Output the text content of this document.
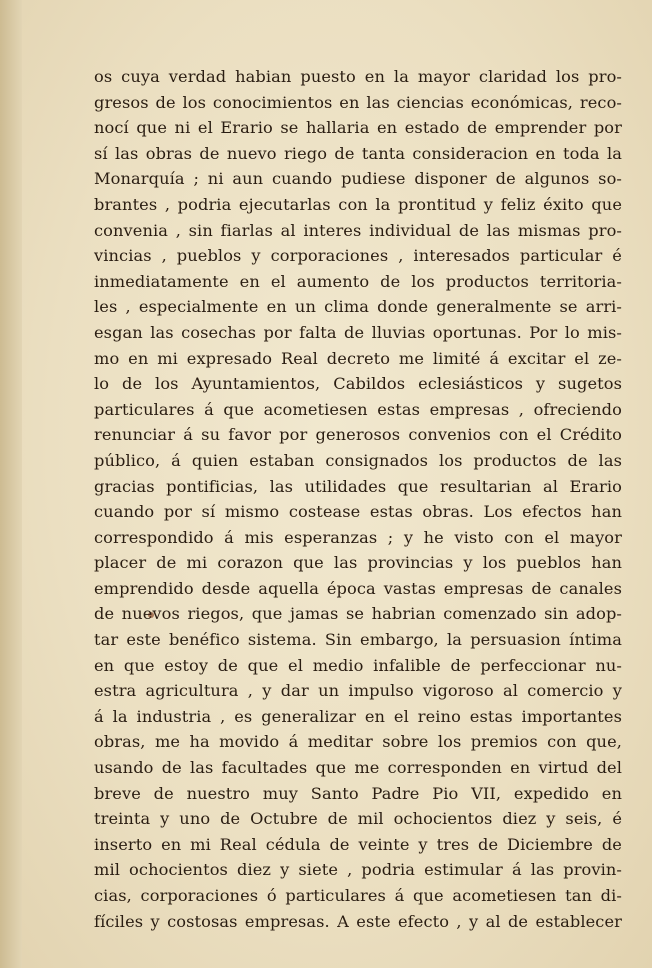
os cuya verdad habian puesto en la mayor claridad los pro-
gresos de los conocimientos en las ciencias económicas, reco-
nocí que ni el Erario se hallaria en estado de emprender por
sí las obras de nuevo riego de tanta consideracion en toda la
Monarquía ; ni aun cuando pudiese disponer de algunos so-
brantes , podria ejecutarlas con la prontitud y feliz éxito que
convenia , sin fiarlas al interes individual de las mismas pro-
vincias , pueblos y corporaciones , interesados particular é
inmediatamente en el aumento de los productos territoria-
les , especialmente en un clima donde generalmente se arri-
esgan las cosechas por falta de lluvias oportunas. Por lo mis-
mo en mi expresado Real decreto me limité á excitar el ze-
lo de los Ayuntamientos, Cabildos eclesiásticos y sugetos
particulares á que acometiesen estas empresas , ofreciendo
renunciar á su favor por generosos convenios con el Crédito
público, á quien estaban consignados los productos de las
gracias pontificias, las utilidades que resultarian al Erario
cuando por sí mismo costease estas obras. Los efectos han
correspondido á mis esperanzas ; y he visto con el mayor
placer de mi corazon que las provincias y los pueblos han
emprendido desde aquella época vastas empresas de canales
de nuevos riegos, que jamas se habrian comenzado sin adop-
tar este benéfico sistema. Sin embargo, la persuasion íntima
en que estoy de que el medio infalible de perfeccionar nu-
estra agricultura , y dar un impulso vigoroso al comercio y
á la industria , es generalizar en el reino estas importantes
obras, me ha movido á meditar sobre los premios con que,
usando de las facultades que me corresponden en virtud del
breve de nuestro muy Santo Padre Pio VII, expedido en
treinta y uno de Octubre de mil ochocientos diez y seis, é
inserto en mi Real cédula de veinte y tres de Diciembre de
mil ochocientos diez y siete , podria estimular á las provin-
cias, corporaciones ó particulares á que acometiesen tan di-
fíciles y costosas empresas. A este efecto , y al de establecer
